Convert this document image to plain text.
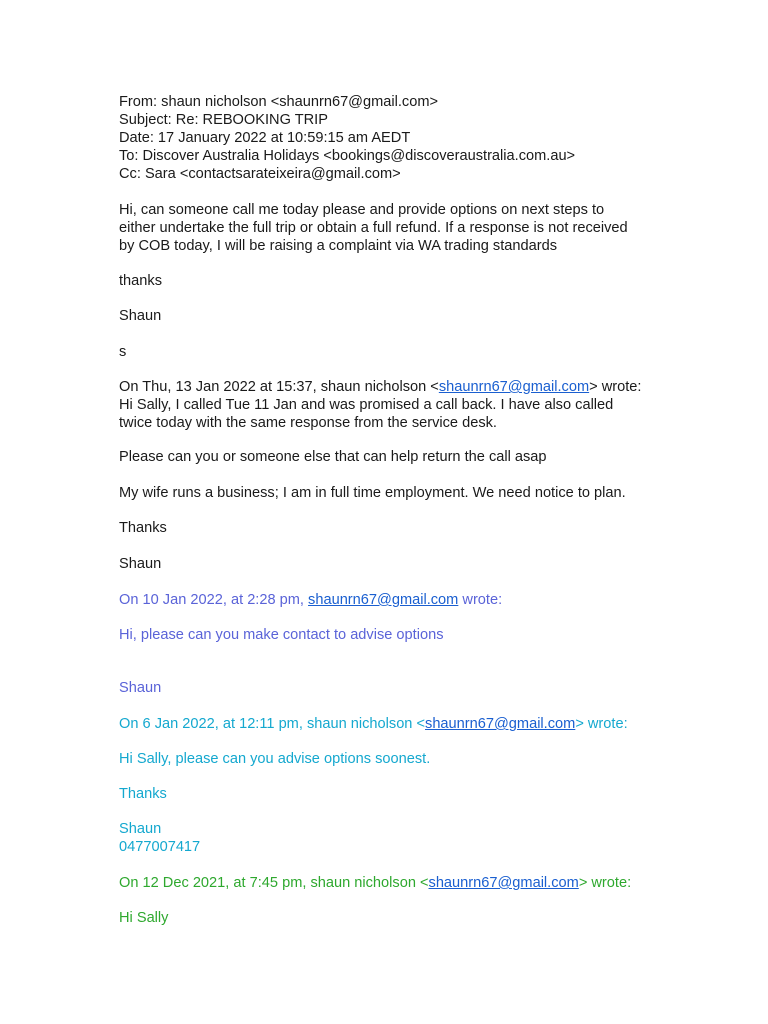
From: shaun nicholson <shaunrn67@gmail.com>

Subject: Re: REBOOKING TRIP

Date: 17 January 2022 at 10:59:15 am AEDT

To: Discover Australia Holidays <bookings@discoveraustralia.com.au>

Cc: Sara <contactsarateixeira@gmail.com>

Hi, can someone call me today please and provide options on next steps to

either undertake the full trip or obtain a full refund. If a response is not received

by COB today, I will be raising a complaint via WA trading standards

thanks

Shaun

s

On Thu, 13 Jan 2022 at 15:37, shaun nicholson <shaunrn67@gmail.com> wrote:

Hi Sally, I called Tue 11 Jan and was promised a call back. I have also called

twice today with the same response from the service desk.

Please can you or someone else that can help return the call asap

My wife runs a business; I am in full time employment. We need notice to plan.

Thanks

Shaun

On 10 Jan 2022, at 2:28 pm, shaunrn67@gmail.com wrote:

Hi, please can you make contact to advise options

Shaun

On 6 Jan 2022, at 12:11 pm, shaun nicholson <shaunrn67@gmail.com> wrote:

Hi Sally, please can you advise options soonest.

Thanks

Shaun

0477007417

On 12 Dec 2021, at 7:45 pm, shaun nicholson <shaunrn67@gmail.com> wrote:

Hi Sally
